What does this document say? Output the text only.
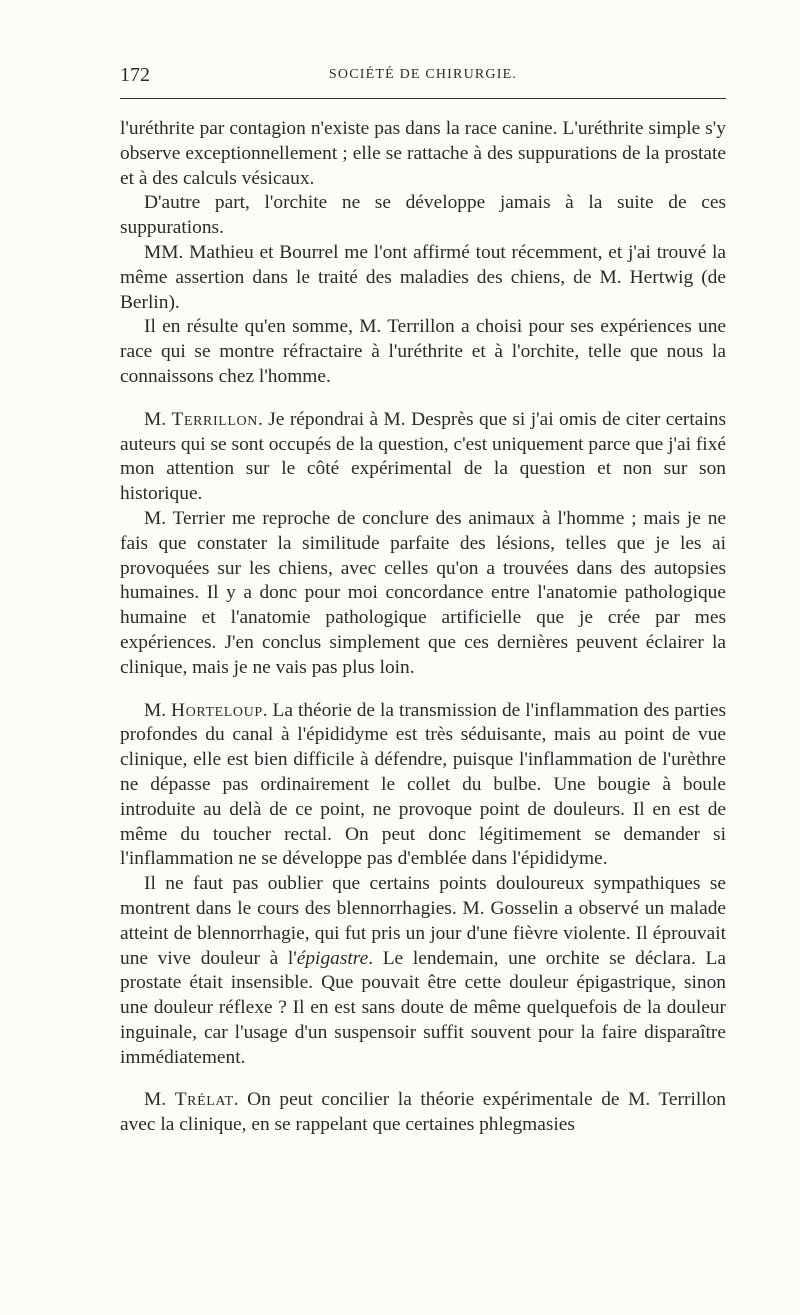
172	SOCIÉTÉ DE CHIRURGIE.

l'uréthrite par contagion n'existe pas dans la race canine. L'uréthrite simple s'y observe exceptionnellement ; elle se rattache à des suppurations de la prostate et à des calculs vésicaux.

D'autre part, l'orchite ne se développe jamais à la suite de ces suppurations.

MM. Mathieu et Bourrel me l'ont affirmé tout récemment, et j'ai trouvé la même assertion dans le traité des maladies des chiens, de M. Hertwig (de Berlin).

Il en résulte qu'en somme, M. Terrillon a choisi pour ses expériences une race qui se montre réfractaire à l'uréthrite et à l'orchite, telle que nous la connaissons chez l'homme.

M. Terrillon. Je répondrai à M. Desprès que si j'ai omis de citer certains auteurs qui se sont occupés de la question, c'est uniquement parce que j'ai fixé mon attention sur le côté expérimental de la question et non sur son historique.

M. Terrier me reproche de conclure des animaux à l'homme ; mais je ne fais que constater la similitude parfaite des lésions, telles que je les ai provoquées sur les chiens, avec celles qu'on a trouvées dans des autopsies humaines. Il y a donc pour moi concordance entre l'anatomie pathologique humaine et l'anatomie pathologique artificielle que je crée par mes expériences. J'en conclus simplement que ces dernières peuvent éclairer la clinique, mais je ne vais pas plus loin.

M. Horteloup. La théorie de la transmission de l'inflammation des parties profondes du canal à l'épididyme est très séduisante, mais au point de vue clinique, elle est bien difficile à défendre, puisque l'inflammation de l'urèthre ne dépasse pas ordinairement le collet du bulbe. Une bougie à boule introduite au delà de ce point, ne provoque point de douleurs. Il en est de même du toucher rectal. On peut donc légitimement se demander si l'inflammation ne se développe pas d'emblée dans l'épididyme.

Il ne faut pas oublier que certains points douloureux sympathiques se montrent dans le cours des blennorrhagies. M. Gosselin a observé un malade atteint de blennorrhagie, qui fut pris un jour d'une fièvre violente. Il éprouvait une vive douleur à l'épigastre. Le lendemain, une orchite se déclara. La prostate était insensible. Que pouvait être cette douleur épigastrique, sinon une douleur réflexe ? Il en est sans doute de même quelquefois de la douleur inguinale, car l'usage d'un suspensoir suffit souvent pour la faire disparaître immédiatement.

M. Trélat. On peut concilier la théorie expérimentale de M. Terrillon avec la clinique, en se rappelant que certaines phlegmasies
